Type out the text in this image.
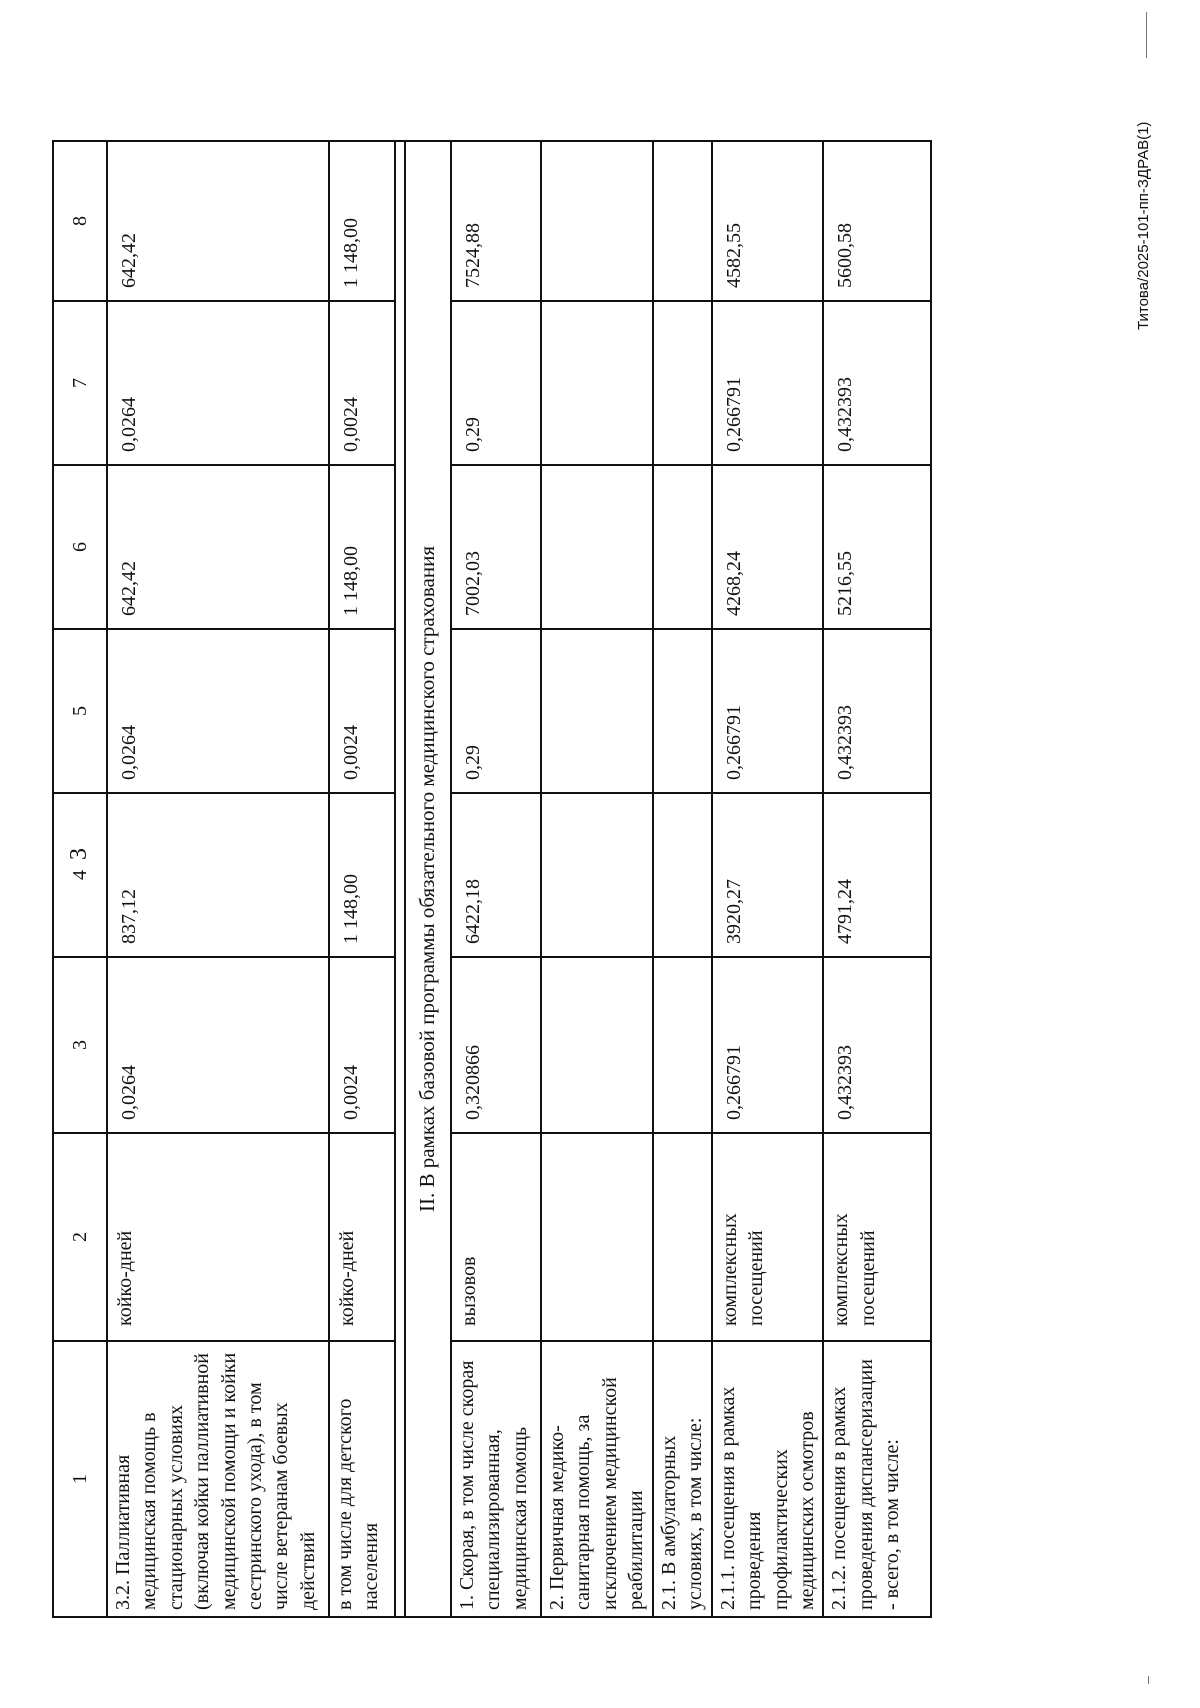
3
1	2	3	4	5	6	7	8
3.2. Паллиативная медицинская помощь в стационарных условиях (включая койки паллиативной медицинской помощи и койки сестринского ухода), в том числе ветеранам боевых действий	койко-дней	0,0264	837,12	0,0264	642,42	0,0264	642,42
в том числе для детского населения	койко-дней	0,0024	1 148,00	0,0024	1 148,00	0,0024	1 148,00

II. В рамках базовой программы обязательного медицинского страхования							
1. Скорая, в том числе скорая специализированная, медицинская помощь	вызовов	0,320866	6422,18	0,29	7002,03	0,29	7524,88
2. Первичная медико-санитарная помощь, за исключением медицинской реабилитации							
2.1. В амбулаторных условиях, в том числе:							
2.1.1. посещения в рамках проведения профилактических медицинских осмотров	комплексных посещений	0,266791	3920,27	0,266791	4268,24	0,266791	4582,55
2.1.2. посещения в рамках проведения диспансеризации - всего, в том числе:	комплексных посещений	0,432393	4791,24	0,432393	5216,55	0,432393	5600,58	Титова/2025-101-пп-ЗДРАВ(1)
